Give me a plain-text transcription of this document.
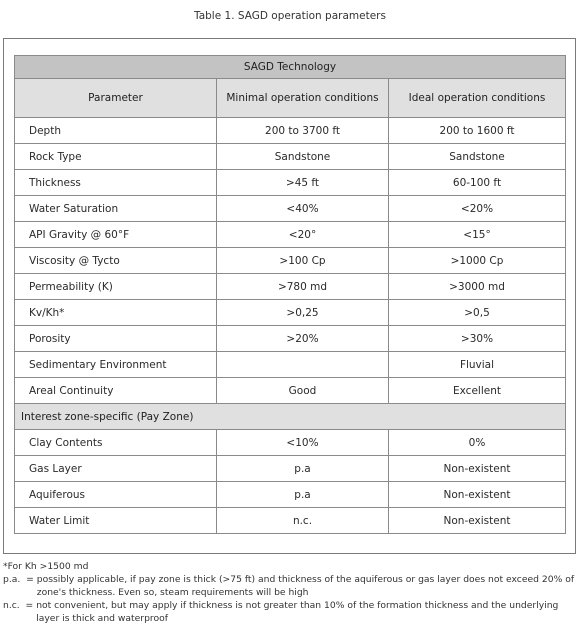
Table 1. SAGD operation parameters
SAGD Technology		
Parameter	Minimal operation conditions	Ideal operation conditions
Depth	200 to 3700 ft	200 to 1600 ft
Rock Type	Sandstone	Sandstone
Thickness	>45 ft	60-100 ft
Water Saturation	<40%	<20%
API Gravity @ 60°F	<20°	<15°
Viscosity @ Tycto	>100 Cp	>1000 Cp
Permeability (K)	>780 md	>3000 md
Kv/Kh*	>0,25	>0,5
Porosity	>20%	>30%
Sedimentary Environment		Fluvial
Areal Continuity	Good	Excellent
Interest zone-specific (Pay Zone)		
Clay Contents	<10%	0%
Gas Layer	p.a	Non-existent
Aquiferous	p.a	Non-existent
Water Limit	n.c.	Non-existent
*For Kh >1500 md
p.a.  = possibly applicable, if pay zone is thick (>75 ft) and thickness of the aquiferous or gas layer does not exceed 20% of zone's thickness. Even so, steam requirements will be high
n.c.  = not convenient, but may apply if thickness is not greater than 10% of the formation thickness and the underlying layer is thick and waterproof
